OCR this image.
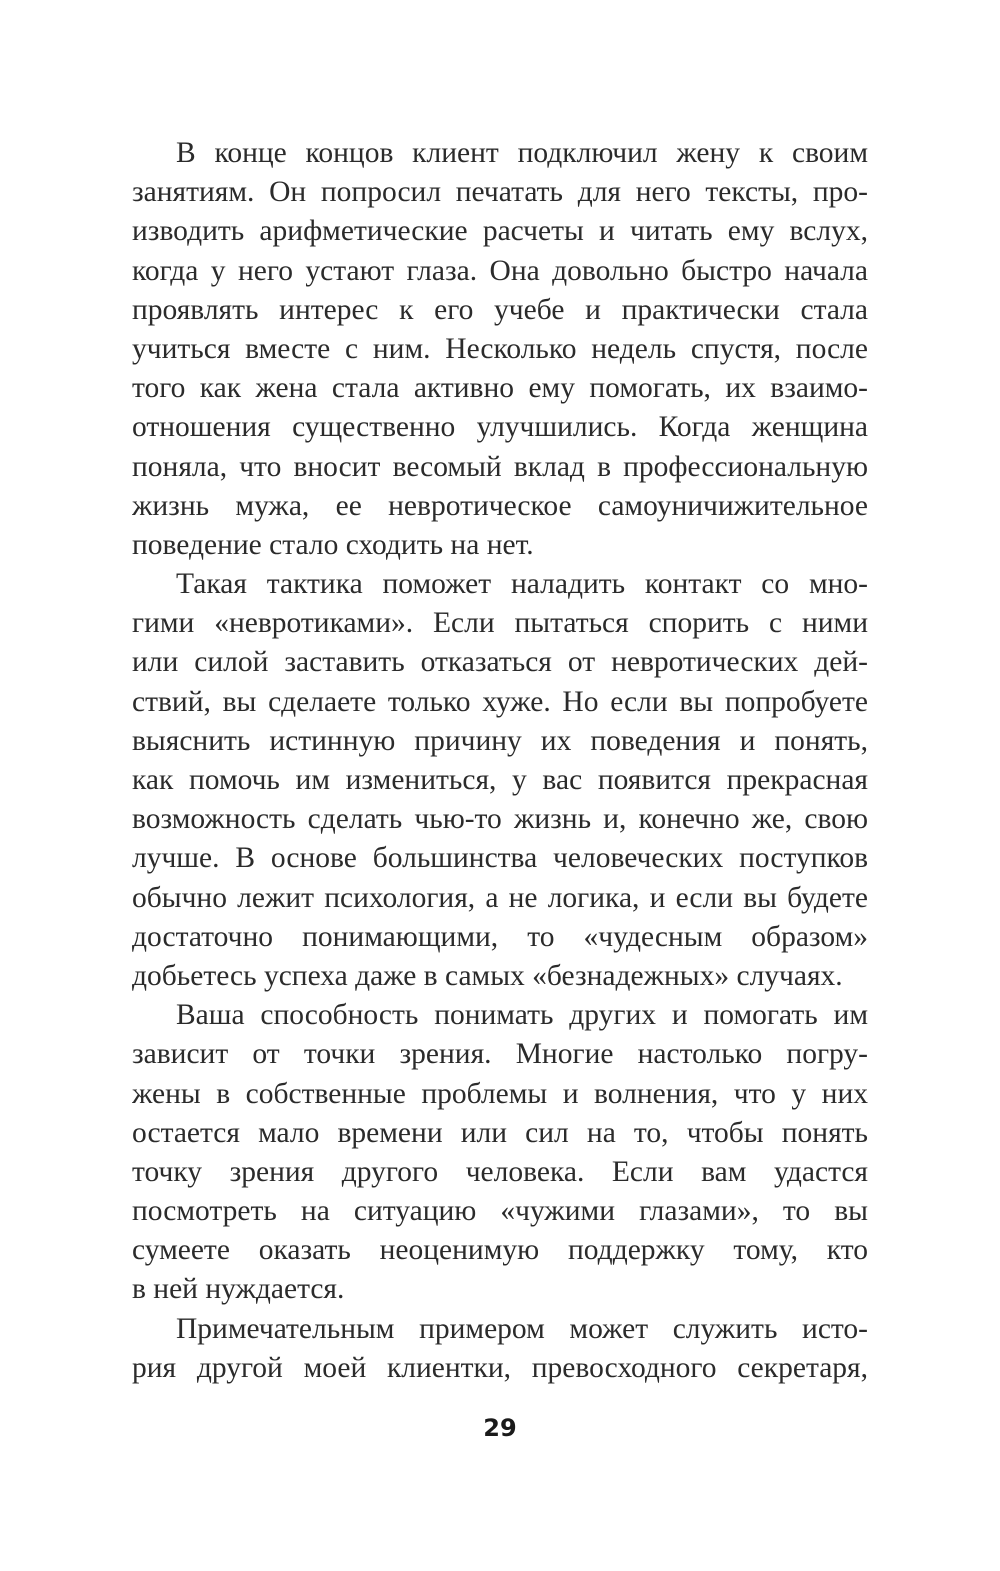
В конце концов клиент подключил жену к своим
занятиям. Он попросил печатать для него тексты, про-
изводить арифметические расчеты и читать ему вслух,
когда у него устают глаза. Она довольно быстро начала
проявлять интерес к его учебе и практически стала
учиться вместе с ним. Несколько недель спустя, после
того как жена стала активно ему помогать, их взаимо-
отношения существенно улучшились. Когда женщина
поняла, что вносит весомый вклад в профессиональную
жизнь мужа, ее невротическое самоуничижительное
поведение стало сходить на нет.
Такая тактика поможет наладить контакт со мно-
гими «невротиками». Если пытаться спорить с ними
или силой заставить отказаться от невротических дей-
ствий, вы сделаете только хуже. Но если вы попробуете
выяснить истинную причину их поведения и понять,
как помочь им измениться, у вас появится прекрасная
возможность сделать чью-то жизнь и, конечно же, свою
лучше. В основе большинства человеческих поступков
обычно лежит психология, а не логика, и если вы будете
достаточно понимающими, то «чудесным образом»
добьетесь успеха даже в самых «безнадежных» случаях.
Ваша способность понимать других и помогать им
зависит от точки зрения. Многие настолько погру-
жены в собственные проблемы и волнения, что у них
остается мало времени или сил на то, чтобы понять
точку зрения другого человека. Если вам удастся
посмотреть на ситуацию «чужими глазами», то вы
сумеете оказать неоценимую поддержку тому, кто
в ней нуждается.
Примечательным примером может служить исто-
рия другой моей клиентки, превосходного секретаря,
29
